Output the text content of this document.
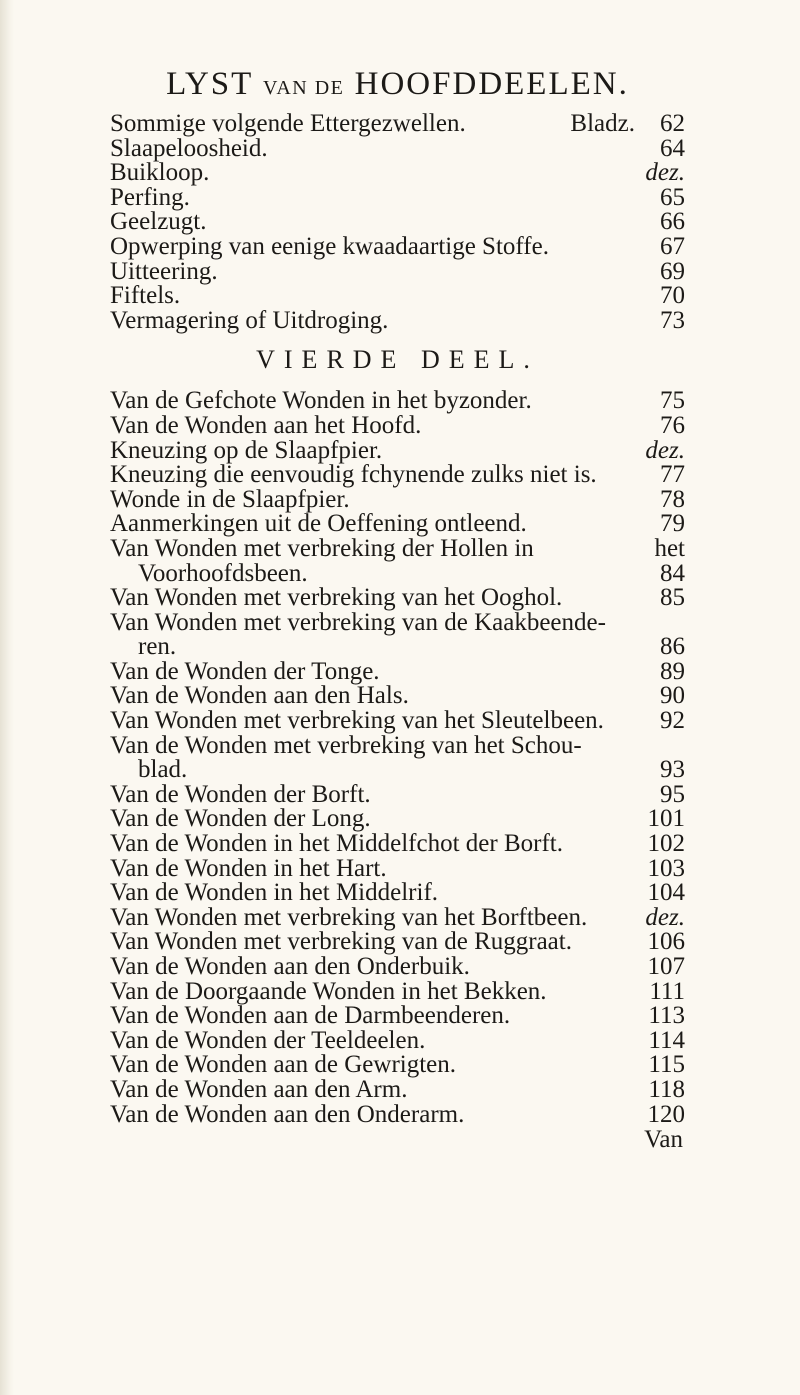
LYST VAN DE HOOFDDEELEN.
Sommige volgende Ettergezwellen.	Bladz.	62
Slaapeloosheid.	64
Buikloop.	dez.
Perfing.	65
Geelzugt.	66
Opwerping van eenige kwaadaartige Stoffe.	67
Uitteering.	69
Fiftels.	70
Vermagering of Uitdroging.	73
VIERDE DEEL.
Van de Gefchote Wonden in het byzonder.	75
Van de Wonden aan het Hoofd.	76
Kneuzing op de Slaapfpier.	dez.
Kneuzing die eenvoudig fchynende zulks niet is.	77
Wonde in de Slaapfpier.	78
Aanmerkingen uit de Oeffening ontleend.	79
Van Wonden met verbreking der Hollen in	het
Voorhoofdsbeen.	84
Van Wonden met verbreking van het Ooghol.	85
Van Wonden met verbreking van de Kaakbeende-
ren.	86
Van de Wonden der Tonge.	89
Van de Wonden aan den Hals.	90
Van Wonden met verbreking van het Sleutelbeen.	92
Van de Wonden met verbreking van het Schou-
blad.	93
Van de Wonden der Borft.	95
Van de Wonden der Long.	101
Van de Wonden in het Middelfchot der Borft.	102
Van de Wonden in het Hart.	103
Van de Wonden in het Middelrif.	104
Van Wonden met verbreking van het Borftbeen.	dez.
Van Wonden met verbreking van de Ruggraat.	106
Van de Wonden aan den Onderbuik.	107
Van de Doorgaande Wonden in het Bekken.	111
Van de Wonden aan de Darmbeenderen.	113
Van de Wonden der Teeldeelen.	114
Van de Wonden aan de Gewrigten.	115
Van de Wonden aan den Arm.	118
Van de Wonden aan den Onderarm.	120
Van
